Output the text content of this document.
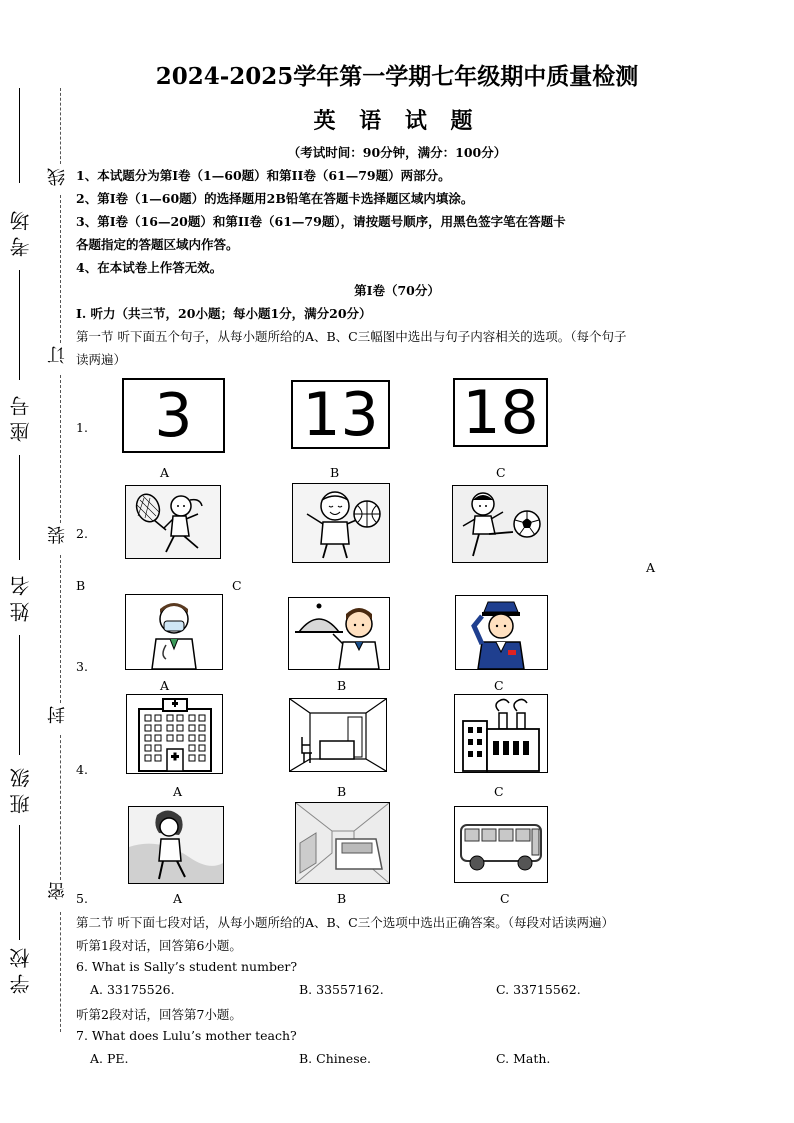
考场
座号
姓名
班级
学校
线
订
装
封
密
2024-2025学年第一学期七年级期中质量检测
英 语 试 题
（考试时间：90分钟，满分：100分）
1、本试题分为第I卷（1—60题）和第II卷（61—79题）两部分。
2、第I卷（1—60题）的选择题用2B铅笔在答题卡选择题区域内填涂。
3、第I卷（16—20题）和第II卷（61—79题），请按题号顺序，用黑色签字笔在答题卡
各题指定的答题区域内作答。
4、在本试卷上作答无效。
第I卷（70分）
I. 听力（共三节，20小题；每小题1分，满分20分）
第一节 听下面五个句子，从每小题所给的A、B、C三幅图中选出与句子内容相关的选项。（每个句子
读两遍）
1.	3	13 18
A	B	C
2.
A
B	C
3.
A	B	C
4.
A	B	C
5.	A	B	C
第二节 听下面七段对话，从每小题所给的A、B、C三个选项中选出正确答案。（每段对话读两遍）
听第1段对话，回答第6小题。
6. What is Sally’s student number?
A. 33175526.	B. 33557162.	C. 33715562.
听第2段对话，回答第7小题。
7. What does Lulu’s mother teach?
A. PE.	B. Chinese.	C. Math.
